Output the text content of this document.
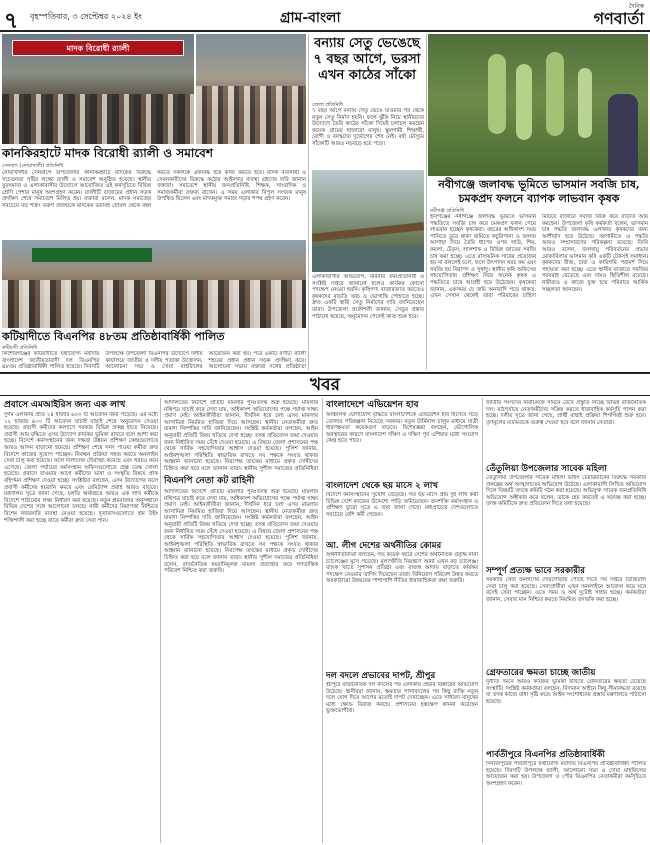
৭ বৃহস্পতিবার, ৩ সেপ্টেম্বর ২০২৪ ইং	গ্রাম-বাংলা
দৈনিক
গণবার্তা
মাদক বিরোধী র‍্যালী
কানকিরহাটে মাদক বিরোধী র‍্যালী ও সমাবেশ
সেনবাগ (নোয়াখালী) প্রতিনিধি
নোয়াখালীর সেনবাগে উপজেলার কানকিরহাটে মাদকের বিরুদ্ধে সচেতনতা সৃষ্টির লক্ষ্যে র‍্যালী ও সমাবেশ অনুষ্ঠিত হয়েছে। স্থানীয় যুবসমাজ ও এলাকাবাসীর উদ্যোগে আয়োজিত এই কর্মসূচিতে বিভিন্ন শ্রেণি পেশার মানুষ অংশগ্রহণ করেন। র‍্যালীটি বাজারের প্রধান সড়ক প্রদক্ষিণ শেষে সমাবেশে মিলিত হয়। বক্তারা বলেন, মাদক সমাজের সবচেয়ে বড় শত্রু। তরুণ প্রজন্মকে মাদকের ভয়াবহ ছোবল থেকে রক্ষা করতে সকলকে ঐক্যবদ্ধ হয়ে কাজ করতে হবে। মাদক ব্যবসায়ী ও সেবনকারীদের বিরুদ্ধে কঠোর আইনগত ব্যবস্থা গ্রহণের দাবি জানান বক্তারা। সমাবেশে স্থানীয় জনপ্রতিনিধি, শিক্ষক, সাংবাদিক ও সমাজকর্মীরা বক্তব্য রাখেন। এ সময় এলাকার বিপুল সংখ্যক মানুষ উপস্থিত ছিলেন এবং মাদকমুক্ত সমাজ গড়ার শপথ গ্রহণ করেন।
কটিয়াদীতে বিএনপির ৪৮তম প্রতিষ্ঠাবার্ষিকী পালিত
কটিয়াদী প্রতিনিধি
কিশোরগঞ্জের কটিয়াদীতে যথাযোগ্য মর্যাদায় বাংলাদেশ জাতীয়তাবাদী দল বিএনপির ৪৮তম প্রতিষ্ঠাবার্ষিকী পালিত হয়েছে। দিবসটি উপলক্ষে উপজেলা বিএনপির উদ্যোগে দলীয় কার্যালয়ে জাতীয় ও দলীয় পতাকা উত্তোলন, আলোচনা সভা ও দোয়া মাহফিলের আয়োজন করা হয়। পরে একটি বর্ণাঢ্য র‍্যালী শহরের প্রধান প্রধান সড়ক প্রদক্ষিণ করে। আলোচনা সভায় বক্তারা দলের প্রতিষ্ঠাতা
বন্যায় সেতু ভেঙেছে ৭ বছর আগে, ভরসা এখন কাঠের সাঁকো
জেলা প্রতিনিধি
৭ বছর আগে বন্যায় সেতু ভেঙে যাওয়ার পর থেকে নতুন সেতু নির্মাণ হয়নি। ফলে ঝুঁকি নিয়ে স্থানীয়দের উদ্যোগে তৈরি কাঠের সাঁকো দিয়েই চলাচল করছেন কয়েক গ্রামের হাজারো মানুষ। স্কুলগামী শিক্ষার্থী, রোগী ও বয়স্কদের দুর্ভোগের শেষ নেই। বর্ষা মৌসুমে সাঁকোটি আরও নড়বড়ে হয়ে পড়ে।
এলাকাবাসীর অভিযোগ, বারবার জনপ্রতিনিধি ও সংশ্লিষ্ট দপ্তরে জানানো হলেও কার্যকর কোনো পদক্ষেপ নেওয়া হয়নি। কৃষিপণ্য বাজারজাত করতেও কৃষকদের বাড়তি খরচ ও ভোগান্তি পোহাতে হচ্ছে। দ্রুত একটি স্থায়ী সেতু নির্মাণের দাবি জানিয়েছেন তারা। উপজেলা প্রকৌশলী জানান, সেতুর প্রস্তাব পাঠানো হয়েছে, অনুমোদন পেলেই কাজ শুরু হবে।
নবীগঞ্জে জলাবদ্ধ ভূমিতে ভাসমান সবজি চাষ, চমকপ্রদ ফলনে ব্যাপক লাভবান কৃষক
নবীগঞ্জ প্রতিনিধি
হবিগঞ্জের নবীগঞ্জে জলাবদ্ধ ভূমিতে ভাসমান পদ্ধতিতে সবজি চাষ করে চমকপ্রদ ফলন পেয়ে লাভবান হচ্ছেন কৃষকেরা। বছরের অধিকাংশ সময় পানিতে ডুবে থাকা জমিতে কচুরিপানা ও জলজ আগাছা দিয়ে তৈরি ধাপের ওপর লাউ, শিম, করলা, ঢেঁড়স, লালশাক ও বিভিন্ন জাতের সবজি চাষ করা হচ্ছে। এতে রাসায়নিক সারের প্রয়োজন হয় না বললেই চলে, ফলে উৎপাদন খরচ কম এবং সবজি হয় নিরাপদ ও সুস্বাদু। স্থানীয় কৃষি অফিসের সহযোগিতায় প্রশিক্ষণ নিয়ে অনেক কৃষক এ পদ্ধতিতে চাষে আগ্রহী হয়ে উঠেছেন। কৃষকেরা জানান, একসময় যে জমি অনাবাদি পড়ে থাকত, এখন সেখান থেকেই তারা পরিবারের চাহিদা মিটিয়ে বাজারে সবজি বিক্রি করে বাড়তি আয় করছেন। উপজেলা কৃষি কর্মকর্তা বলেন, ভাসমান চাষ পদ্ধতি জলাবদ্ধ এলাকার কৃষকদের জন্য আশীর্বাদ হয়ে উঠেছে। আগামীতে এ পদ্ধতি আরও সম্প্রসারণের পরিকল্পনা রয়েছে। তিনি আরও বলেন, জলবায়ু পরিবর্তনের প্রভাব মোকাবিলায় ভাসমান কৃষি একটি টেকসই সমাধান। কৃষকদের বীজ, চারা ও কারিগরি পরামর্শ দিয়ে সহায়তা করা হচ্ছে। এতে স্থানীয় বাজারে সবজির সরবরাহ বেড়েছে এবং দামও স্থিতিশীল রয়েছে। নারীরাও এ কাজে যুক্ত হয়ে পরিবারে আর্থিক সচ্ছলতা আনছেন।
খবর
প্রবাসে এমআইরিস জন্য এক লাখ
দুর্গম এলাকায় প্রতি ২৪ হাজার ৬০০ টি আবেদন জমা পড়েছে। এর মধ্যে ১২ হাজার ৪০০ টি আবেদন যাচাই বাছাই শেষে অনুমোদন দেওয়া হয়েছে। প্রবাসী কর্মীদের কল্যাণে সরকার বিভিন্ন প্রকল্প হাতে নিয়েছে। প্রবাসী আয় বৃদ্ধিতে এসব উদ্যোগ কার্যকর ভূমিকা রাখবে বলে আশা করা হচ্ছে। বিদেশে কর্মসংস্থানের জন্য দক্ষতা উন্নয়ন প্রশিক্ষণ কেন্দ্রগুলোতে আরও আসন বাড়ানো হয়েছে। প্রশিক্ষণ শেষে সনদ পাওয়া কর্মীরা দ্রুত বিদেশে কাজের সুযোগ পাচ্ছেন। নিবন্ধন প্রক্রিয়া সহজ করতে অনলাইন সেবা চালু করা হয়েছে। ফলে দালালের দৌরাত্ম্য কমেছে এবং খরচও কমে এসেছে। জেলা পর্যায়ের কর্মসংস্থান অফিসগুলোতে হেল্প ডেস্ক খোলা হয়েছে। প্রবাসে যাওয়ার আগে কর্মীদের ভাষা ও সংস্কৃতি বিষয়ে প্রাক বহির্গমন প্রশিক্ষণ দেওয়া হচ্ছে। সংশ্লিষ্টরা বলছেন, এসব উদ্যোগের ফলে প্রবাসী কর্মীদের হয়রানি কমবে এবং রেমিট্যান্স প্রবাহ আরও বাড়বে। মন্ত্রণালয় সূত্রে জানা গেছে, চলতি অর্থবছরে আরও এক লাখ কর্মীকে বিদেশে পাঠানোর লক্ষ্য নির্ধারণ করা হয়েছে। নতুন শ্রমবাজার অনুসন্ধানে বিভিন্ন দেশের সঙ্গে আলোচনা চলছে। নারী কর্মীদের নিরাপত্তা নিশ্চিতে বিশেষ নজরদারি ব্যবস্থা নেওয়া হয়েছে। দূতাবাসগুলোতে শ্রম উইং শক্তিশালী করা হচ্ছে যাতে কর্মীরা দ্রুত সেবা পান।
আদালতের নির্দেশে প্রতিটি মামলার পুনঃতদন্ত শুরু হয়েছে। মামলার নথিপত্র যাচাই করে দেখা যায়, অধিকাংশ অভিযোগের পক্ষে পর্যাপ্ত সাক্ষ্য প্রমাণ নেই। আইনজীবীরা জানান, দীর্ঘদিন ধরে চলা এসব মামলায় আসামিরা নিয়মিত হাজিরা দিয়ে আসছেন। স্থানীয় নেতাকর্মীরা দ্রুত মামলা নিষ্পত্তির দাবি জানিয়েছেন। সংশ্লিষ্ট কর্মকর্তারা বলছেন, আইন অনুযায়ী প্রতিটি বিষয় খতিয়ে দেখা হচ্ছে। তদন্ত প্রতিবেদন জমা দেওয়ার জন্য নির্ধারিত সময় বেঁধে দেওয়া হয়েছে। এ বিষয়ে জেলা প্রশাসনের পক্ষ থেকে সার্বিক সহযোগিতার আশ্বাস দেওয়া হয়েছে। পুলিশ জানায়, আইনশৃঙ্খলা পরিস্থিতি স্বাভাবিক রাখতে সব পক্ষকে সংযত থাকার আহ্বান জানানো হয়েছে। নিরপেক্ষ তদন্তের মাধ্যমে প্রকৃত দোষীদের চিহ্নিত করা হবে বলে জানান তারা। স্থানীয় সুশীল সমাজের প্রতিনিধিরা
বিএনপি নেতা কট রাহিনী
আদালতের নির্দেশে প্রতিটি মামলার পুনঃতদন্ত শুরু হয়েছে। মামলার নথিপত্র যাচাই করে দেখা যায়, অধিকাংশ অভিযোগের পক্ষে পর্যাপ্ত সাক্ষ্য প্রমাণ নেই। আইনজীবীরা জানান, দীর্ঘদিন ধরে চলা এসব মামলায় আসামিরা নিয়মিত হাজিরা দিয়ে আসছেন। স্থানীয় নেতাকর্মীরা দ্রুত মামলা নিষ্পত্তির দাবি জানিয়েছেন। সংশ্লিষ্ট কর্মকর্তারা বলছেন, আইন অনুযায়ী প্রতিটি বিষয় খতিয়ে দেখা হচ্ছে। তদন্ত প্রতিবেদন জমা দেওয়ার জন্য নির্ধারিত সময় বেঁধে দেওয়া হয়েছে। এ বিষয়ে জেলা প্রশাসনের পক্ষ থেকে সার্বিক সহযোগিতার আশ্বাস দেওয়া হয়েছে। পুলিশ জানায়, আইনশৃঙ্খলা পরিস্থিতি স্বাভাবিক রাখতে সব পক্ষকে সংযত থাকার আহ্বান জানানো হয়েছে। নিরপেক্ষ তদন্তের মাধ্যমে প্রকৃত দোষীদের চিহ্নিত করা হবে বলে জানান তারা। স্থানীয় সুশীল সমাজের প্রতিনিধিরা বলেন, রাজনৈতিক হয়রানিমূলক মামলা প্রত্যাহার করে গণতান্ত্রিক পরিবেশ নিশ্চিত করা জরুরি।
বাংলাদেশে এভিয়েশন হাব
আঞ্চলিক যোগাযোগ বৃদ্ধিতে বাংলাদেশকে এভিয়েশন হাব হিসেবে গড়ে তোলার পরিকল্পনা নিয়েছে সরকার। নতুন টার্মিনাল চালুর মাধ্যমে যাত্রী ধারণক্ষমতা কয়েকগুণ বাড়বে। বিশেষজ্ঞরা বলছেন, ভৌগোলিক অবস্থানের কারণে বাংলাদেশ দক্ষিণ ও দক্ষিণ পূর্ব এশিয়ার মধ্যে সংযোগ কেন্দ্র হতে পারে।
বাংলাদেশ থেকে ছয় মাসে ২ লাখ
বিদেশে কর্মসংস্থানের সুযোগ বেড়েছে। গত ছয় মাসে প্রায় দুই লাখ কর্মী বিভিন্ন দেশে কাজের উদ্দেশ্যে পাড়ি জমিয়েছেন। জনশক্তি কর্মসংস্থান ও প্রশিক্ষণ ব্যুরো সূত্রে এ তথ্য জানা গেছে। মধ্যপ্রাচ্যের দেশগুলোতে সবচেয়ে বেশি কর্মী গেছেন।
আ. লীগ দেশের অর্থনীতির কোমর
অর্থনীতিবিদরা বলছেন, গত কয়েক বছরে দেশের অর্থনৈতিক প্রবৃদ্ধি নানা চ্যালেঞ্জের মুখে পড়েছে। মূল্যস্ফীতি নিয়ন্ত্রণে আনা এখন বড় চ্যালেঞ্জ। ব্যাংক খাতে সুশাসন প্রতিষ্ঠা এবং রাজস্ব আদায় বাড়াতে কার্যকর পদক্ষেপ নেওয়ার তাগিদ দিয়েছেন তারা। বিনিয়োগ পরিবেশ উন্নত করতে অবকাঠামো উন্নয়নের পাশাপাশি নীতির ধারাবাহিকতা রক্ষা জরুরি।
দল বদলে প্রভাবের দাপট, শ্রীপুর
শ্রীপুরে রাজনৈতিক দল বদলের পর এলাকায় প্রভাব বিস্তারের অভিযোগ উঠেছে। স্থানীয়রা জানান, ক্ষমতার পালাবদলের পর কিছু ব্যক্তি নতুন দলে যোগ দিয়ে আগের মতোই দাপট দেখাচ্ছেন। এতে সাধারণ মানুষের মধ্যে ক্ষোভ বিরাজ করছে। প্রশাসনের হস্তক্ষেপ কামনা করেছেন ভুক্তভোগীরা।
জাতীয় সংসদের নির্বাচনকে সামনে রেখে প্রস্তুতি নিচ্ছে বিভিন্ন রাজনৈতিক দল। মাঠপর্যায়ে নেতাকর্মীদের সক্রিয় করতে ধারাবাহিক কর্মসূচি পালন করা হচ্ছে। দলীয় সূত্রে জানা গেছে, প্রার্থী বাছাই প্রক্রিয়া শিগগিরই শুরু হবে। তৃণমূলের মতামতকে গুরুত্ব দেওয়া হবে বলে জানান নেতারা।
তেঁতুলিয়া উপজেলার সাবেক মহিলা
তেঁতুলিয়া উপজেলার সাবেক মহিলা ভাইস চেয়ারম্যানের বিরুদ্ধে সরকারি প্রকল্পের অর্থ আত্মসাতের অভিযোগ উঠেছে। এলাকাবাসী লিখিত অভিযোগ দিলে বিষয়টি তদন্তে কমিটি গঠন করা হয়েছে। অভিযুক্ত সাবেক জনপ্রতিনিধি অভিযোগ অস্বীকার করে বলেন, তাকে হেয় করতেই এ ষড়যন্ত্র করা হচ্ছে। তদন্ত কমিটিকে দ্রুত প্রতিবেদন দিতে বলা হয়েছে।
সম্পূর্ণ প্রত্যক্ষ ভাবে সরকারীর
সরকারি সেবা জনগণের দোরগোড়ায় পৌঁছে দিতে সব দপ্তরে ডিজিটাল সেবা চালু করা হয়েছে। সেবাপ্রার্থীরা এখন অনলাইনে আবেদন করে ঘরে বসেই সেবা পাচ্ছেন। এতে সময় ও অর্থ দুটোই সাশ্রয় হচ্ছে। কর্মকর্তারা জানান, সেবার মান নিশ্চিত করতে নিয়মিত তদারকি করা হচ্ছে।
গ্রেফতারের ক্ষমতা চাচ্ছে জাতীয়
দুর্নীতি দমনে আরও কার্যকর ভূমিকা রাখতে গ্রেফতারের ক্ষমতা চেয়েছে সংস্থাটি। সংশ্লিষ্ট কর্মকর্তারা বলছেন, বিদ্যমান আইনে কিছু সীমাবদ্ধতা রয়েছে যা তদন্ত কাজে বাধা সৃষ্টি করে। আইন সংশোধনের প্রস্তাব মন্ত্রণালয়ে পাঠানো হয়েছে।
পার্বতীপুরে বিএনপির প্রতিষ্ঠাবার্ষিকী
দিনাজপুরের পার্বতীপুরে যথাযোগ্য মর্যাদায় বিএনপির প্রতিষ্ঠাবার্ষিকী পালিত হয়েছে। দিবসটি উপলক্ষে র‍্যালী, আলোচনা সভা ও দোয়া মাহফিলের আয়োজন করা হয়। উপজেলা ও পৌর বিএনপির নেতাকর্মীরা কর্মসূচিতে অংশগ্রহণ করেন।
